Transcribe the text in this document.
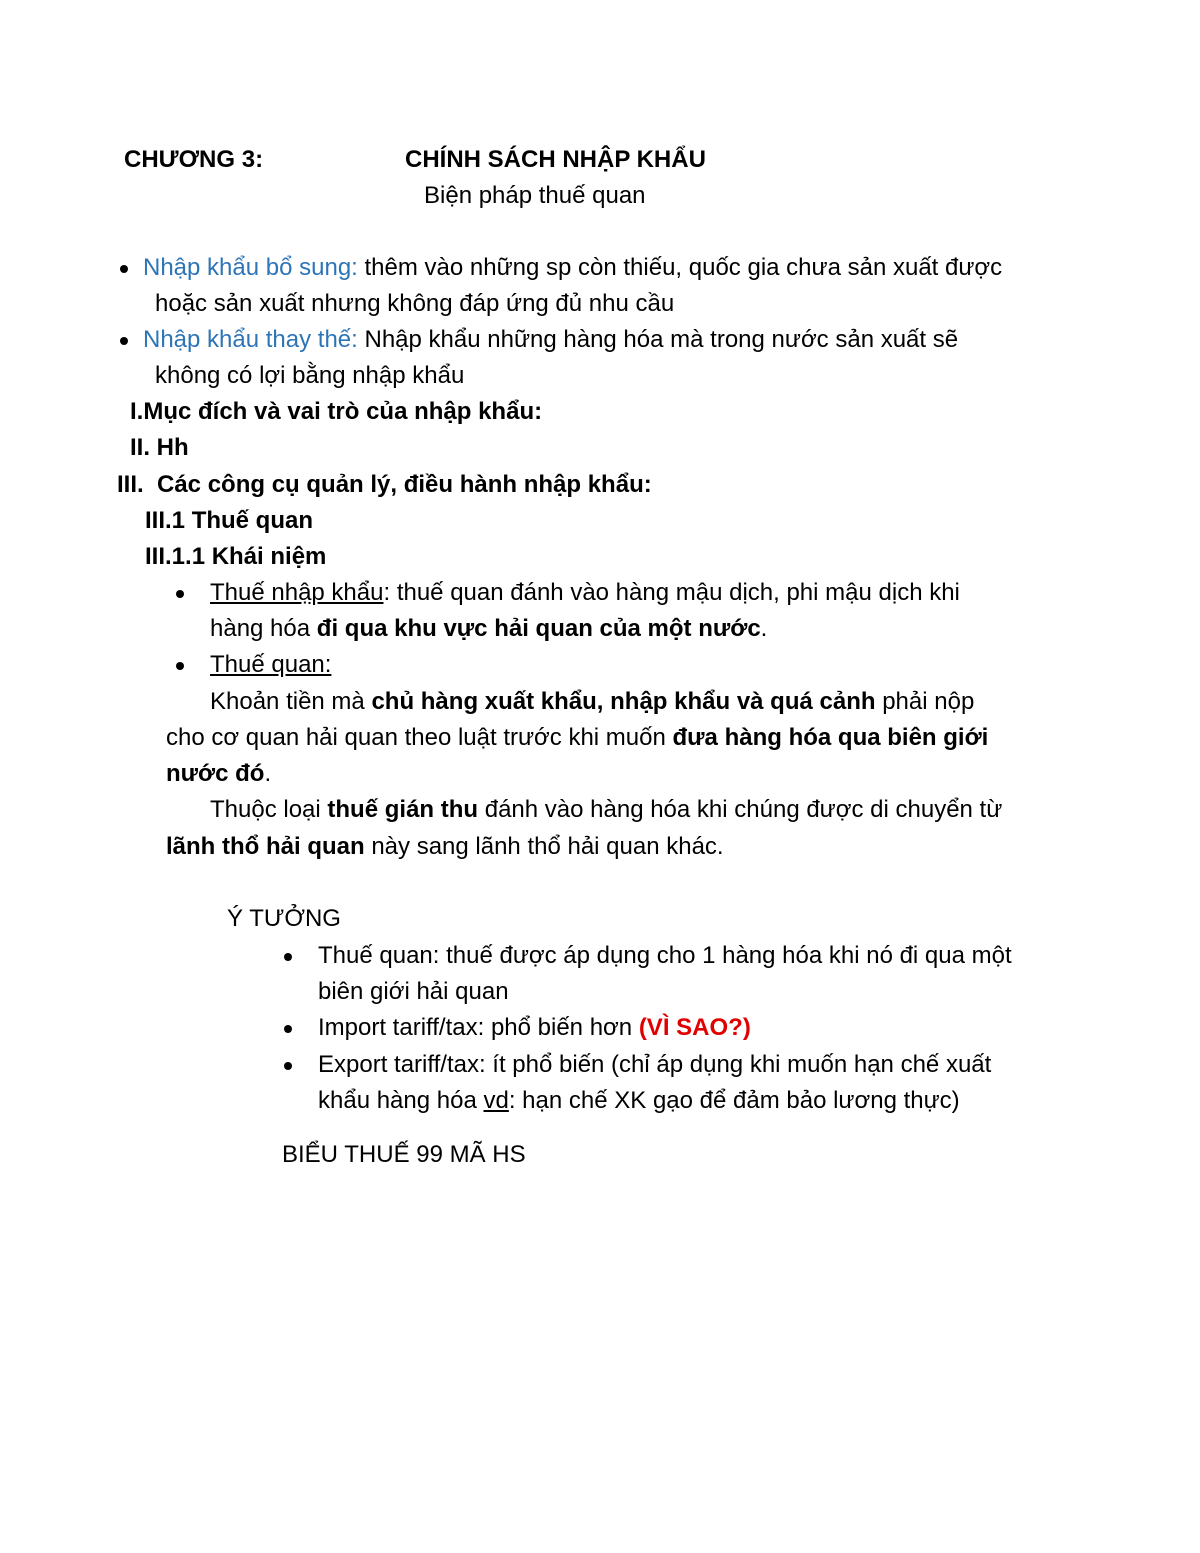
CHƯƠNG 3:	CHÍNH SÁCH NHẬP KHẨU
Biện pháp thuế quan
Nhập khẩu bổ sung: thêm vào những sp còn thiếu, quốc gia chưa sản xuất được
hoặc sản xuất nhưng không đáp ứng đủ nhu cầu
Nhập khẩu thay thế: Nhập khẩu những hàng hóa mà trong nước sản xuất sẽ
không có lợi bằng nhập khẩu
I.Mục đích và vai trò của nhập khẩu:
II. Hh
III. Các công cụ quản lý, điều hành nhập khẩu:
III.1 Thuế quan
III.1.1 Khái niệm
Thuế nhập khẩu: thuế quan đánh vào hàng mậu dịch, phi mậu dịch khi
hàng hóa đi qua khu vực hải quan của một nước.
Thuế quan:
Khoản tiền mà chủ hàng xuất khẩu, nhập khẩu và quá cảnh phải nộp
cho cơ quan hải quan theo luật trước khi muốn đưa hàng hóa qua biên giới
nước đó.
Thuộc loại thuế gián thu đánh vào hàng hóa khi chúng được di chuyển từ
lãnh thổ hải quan này sang lãnh thổ hải quan khác.
Ý TƯỞNG
Thuế quan: thuế được áp dụng cho 1 hàng hóa khi nó đi qua một
biên giới hải quan
Import tariff/tax: phổ biến hơn (VÌ SAO?)
Export tariff/tax: ít phổ biến (chỉ áp dụng khi muốn hạn chế xuất
khẩu hàng hóa vd: hạn chế XK gạo để đảm bảo lương thực)
BIỂU THUẾ 99 MÃ HS
